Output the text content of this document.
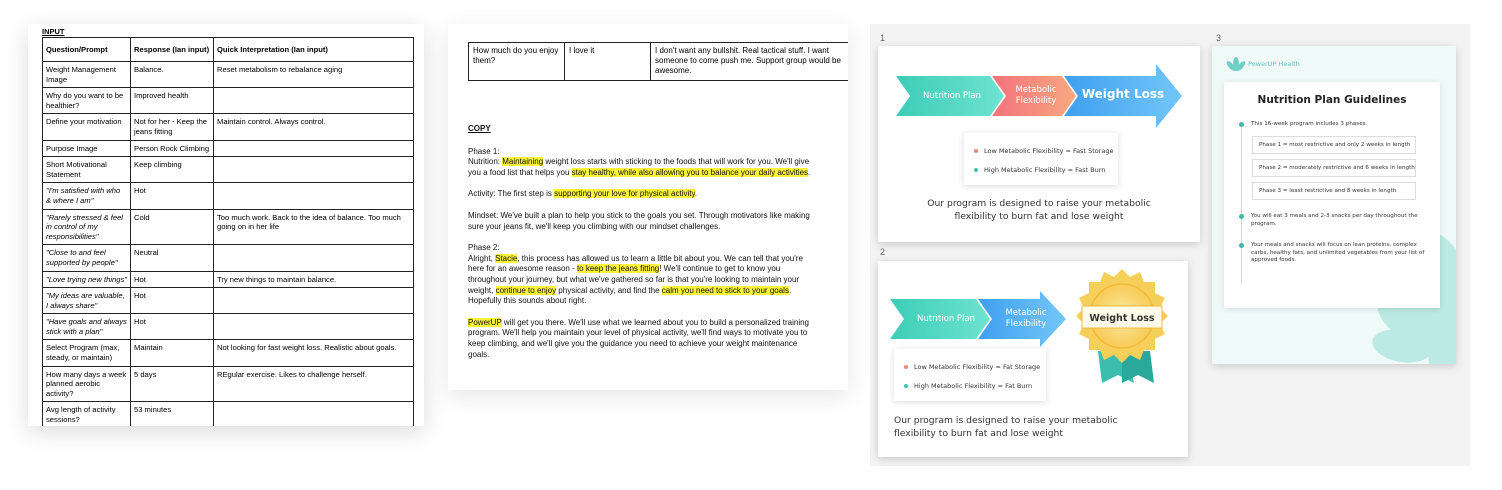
INPUT
Question/Prompt	Response (Ian input)	Quick Interpretation (Ian input)
Weight Management Image	Balance.	Reset metabolism to rebalance aging
Why do you want to be healthier?	Improved health	
Define your motivation	Not for her - Keep the jeans fitting	Maintain control. Always control.
Purpose Image	Person Rock Climbing	
Short Motivational Statement	Keep climbing	
"I'm satisfied with who & where I am"	Hot	
"Rarely stressed & feel in control of my responsibilities"	Cold	Too much work. Back to the idea of balance. Too much going on in her life
"Close to and feel supported by people"	Neutral	
"Love trying new things"	Hot	Try new things to maintain balance.
"My ideas are valuable, I always share"	Hot	
"Have goals and always stick with a plan"	Hot	
Select Program (max, steady, or maintain)	Maintain	Not looking for fast weight loss. Realistic about goals.
How many days a week planned aerobic activity?	5 days	REgular exercise. Likes to challenge herself.
Avg length of activity sessions?	53 minutes	
How much do you enjoy them?	I love it	I don't want any bullshit. Real tactical stuff. I want someone to come push me. Support group would be awesome.
COPY

Phase 1:
Nutrition: Maintaining weight loss starts with sticking to the foods that will work for you. We'll give you a food list that helps you stay healthy, while also allowing you to balance your daily activities.

Activity: The first step is supporting your love for physical activity.

Mindset: We've built a plan to help you stick to the goals you set. Through motivators like making sure your jeans fit, we'll keep you climbing with our mindset challenges.

Phase 2:
Alright, Stacie, this process has allowed us to learn a little bit about you. We can tell that you're here for an awesome reason - to keep the jeans fitting! We'll continue to get to know you throughout your journey, but what we've gathered so far is that you're looking to maintain your weight, continue to enjoy physical activity, and find the calm you need to stick to your goals. Hopefully this sounds about right.

PowerUP will get you there. We'll use what we learned about you to build a personalized training program. We'll help you maintain your level of physical activity, we'll find ways to motivate you to keep climbing, and we'll give you the guidance you need to achieve your weight maintenance goals.

1
Nutrition Plan
Metabolic Flexibility	Weight Loss
Low Metabolic Flexibility = Fast Storage
High Metabolic Flexibility = Fast Burn
Our program is designed to raise your metabolic flexibility to burn fat and lose weight
2
Nutrition Plan
Metabolic Flexibility	Weight Loss
Low Metabolic Flexibility = Fat Storage
High Metabolic Flexibility = Fat Burn
Our program is designed to raise your metabolic flexibility to burn fat and lose weight
3
PowerUP Health
Nutrition Plan Guidelines
This 16-week program includes 3 phases.
Phase 1 = most restrictive and only 2 weeks in length
Phase 2 = moderately restrictive and 6 weeks in length
Phase 3 = least restrictive and 8 weeks in length
You will eat 3 meals and 2-3 snacks per day throughout the program.
Your meals and snacks will focus on lean proteins, complex carbs, healthy fats, and unlimited vegetables from your list of approved foods.
